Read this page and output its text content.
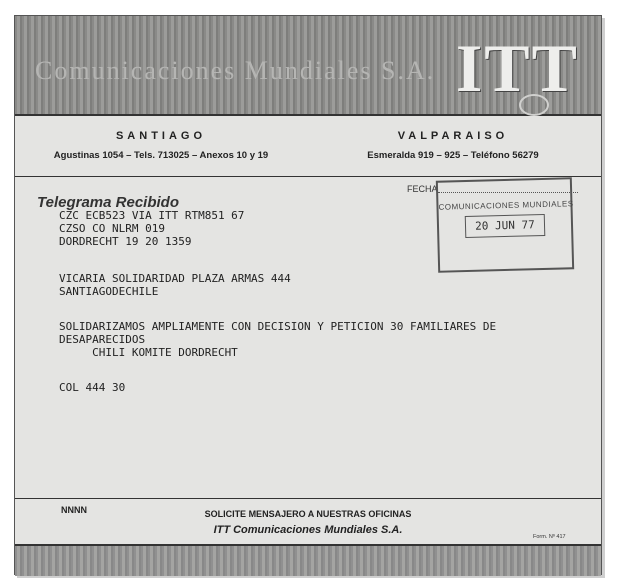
Comunicaciones Mundiales S.A. ITT
SANTIAGO
Agustinas 1054 – Tels. 713025 – Anexos 10 y 19
VALPARAISO
Esmeralda 919 – 925 – Teléfono 56279
Telegrama Recibido
FECHA
COMUNICACIONES MUNDIALES
20 JUN 77
CZC ECB523 VIA ITT RTM851 67
CZSO CO NLRM 019
DORDRECHT 19 20 1359
VICARIA SOLIDARIDAD PLAZA ARMAS 444
SANTIAGODECHILE
SOLIDARIZAMOS AMPLIAMENTE CON DECISION Y PETICION 30 FAMILIARES DE
DESAPARECIDOS
CHILI KOMITE DORDRECHT
COL 444 30
NNNN	SOLICITE MENSAJERO A NUESTRAS OFICINAS
ITT Comunicaciones Mundiales S.A.
Form. Nº 417
